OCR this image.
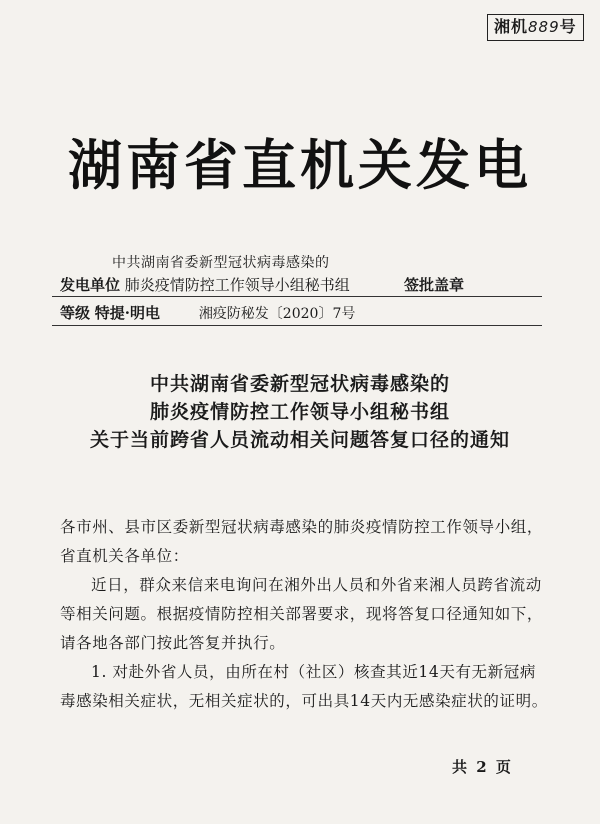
湘机889号
湖南省直机关发电
中共湖南省委新型冠状病毒感染的
发电单位 肺炎疫情防控工作领导小组秘书组	签批盖章
等级 特提·明电	湘疫防秘发〔2020〕7号
中共湖南省委新型冠状病毒感染的
肺炎疫情防控工作领导小组秘书组
关于当前跨省人员流动相关问题答复口径的通知

各市州、县市区委新型冠状病毒感染的肺炎疫情防控工作领导小组，省直机关各单位：

近日，群众来信来电询问在湘外出人员和外省来湘人员跨省流动等相关问题。根据疫情防控相关部署要求，现将答复口径通知如下，请各地各部门按此答复并执行。

1. 对赴外省人员，由所在村（社区）核查其近14天有无新冠病毒感染相关症状，无相关症状的，可出具14天内无感染症状的证明。

共 2 页
